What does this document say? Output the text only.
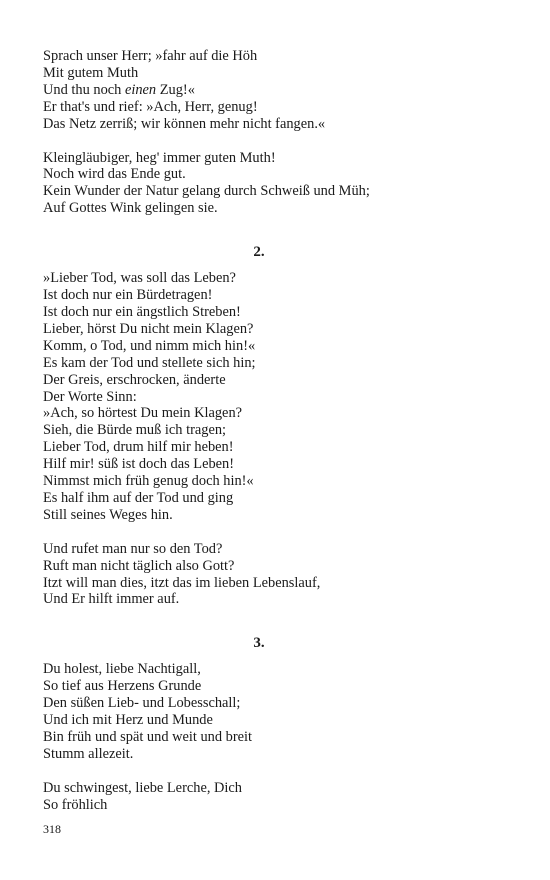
Sprach unser Herr; »fahr auf die Höh
Mit gutem Muth
Und thu noch einen Zug!«
Er that's und rief: »Ach, Herr, genug!
Das Netz zerriß; wir können mehr nicht fangen.«
Kleingläubiger, heg' immer guten Muth!
Noch wird das Ende gut.
Kein Wunder der Natur gelang durch Schweiß und Müh;
Auf Gottes Wink gelingen sie.
2.
»Lieber Tod, was soll das Leben?
Ist doch nur ein Bürdetragen!
Ist doch nur ein ängstlich Streben!
Lieber, hörst Du nicht mein Klagen?
Komm, o Tod, und nimm mich hin!«
Es kam der Tod und stellete sich hin;
Der Greis, erschrocken, änderte
Der Worte Sinn:
»Ach, so hörtest Du mein Klagen?
Sieh, die Bürde muß ich tragen;
Lieber Tod, drum hilf mir heben!
Hilf mir! süß ist doch das Leben!
Nimmst mich früh genug doch hin!«
Es half ihm auf der Tod und ging
Still seines Weges hin.
Und rufet man nur so den Tod?
Ruft man nicht täglich also Gott?
Itzt will man dies, itzt das im lieben Lebenslauf,
Und Er hilft immer auf.
3.
Du holest, liebe Nachtigall,
So tief aus Herzens Grunde
Den süßen Lieb- und Lobesschall;
Und ich mit Herz und Munde
Bin früh und spät und weit und breit
Stumm allezeit.
Du schwingest, liebe Lerche, Dich
So fröhlich
318
